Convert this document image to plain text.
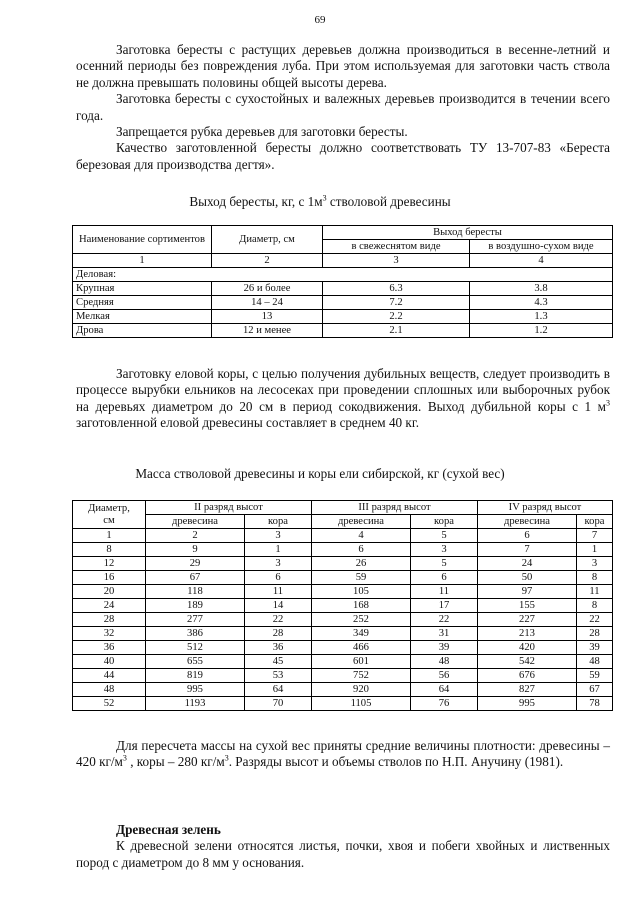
69

Заготовка бересты с растущих деревьев должна производиться в весенне-летний и осенний периоды без повреждения луба. При этом используемая для заготовки часть ствола не должна превышать половины общей высоты дерева.

Заготовка бересты с сухостойных и валежных деревьев производится в течении всего года.

Запрещается рубка деревьев для заготовки бересты.

Качество заготовленной бересты должно соответствовать ТУ 13-707-83 «Береста березовая для производства дегтя».

Выход бересты, кг, с $1м^3$ стволовой древесины
Наименование сортиментов	Диаметр, см	Выход бересты	
		в свежеснятом виде	в воздушно-сухом виде
1	2	3	4
Деловая:			
Крупная	26 и более	6.3	3.8
Средняя	14 – 24	7.2	4.3
Мелкая	13	2.2	1.3
Дрова	12 и менее	2.1	1.2

Заготовку еловой коры, с целью получения дубильных веществ, следует производить в процессе вырубки ельников на лесосеках при проведении сплошных или выборочных рубок на деревьях диаметром до 20 см в период сокодвижения. Выход дубильной коры с 1 $м^3$ заготовленной еловой древесины составляет в среднем 40 кг.

Масса стволовой древесины и коры ели сибирской, кг (сухой вес)
Диаметр,
см	II разряд высот		III разряд высот		IV разряд высот	
	древесина	кора	древесина	кора	древесина	кора
1	2	3	4	5	6	7
8	9	1	6	3	7	1
12	29	3	26	5	24	3
16	67	6	59	6	50	8
20	118	11	105	11	97	11
24	189	14	168	17	155	8
28	277	22	252	22	227	22
32	386	28	349	31	213	28
36	512	36	466	39	420	39
40	655	45	601	48	542	48
44	819	53	752	56	676	59
48	995	64	920	64	827	67
52	1193	70	1105	76	995	78

Для пересчета массы на сухой вес приняты средние величины плотности: древесины – 420 $кг/м^3$ , коры – 280 $кг/м^3$. Разряды высот и объемы стволов по Н.П. Анучину (1981).

Древесная зелень

К древесной зелени относятся листья, почки, хвоя и побеги хвойных и лиственных пород с диаметром до 8 мм у основания.
